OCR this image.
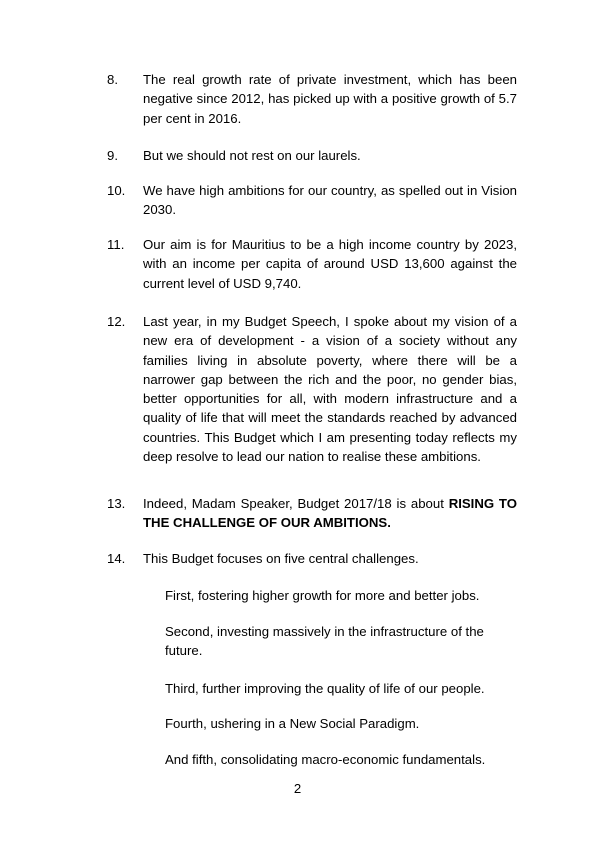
8.	The real growth rate of private investment, which has been negative since 2012, has picked up with a positive growth of 5.7 per cent in 2016.
9.	But we should not rest on our laurels.
10.	We have high ambitions for our country, as spelled out in Vision 2030.
11.	Our aim is for Mauritius to be a high income country by 2023, with an income per capita of around USD 13,600 against the current level of USD 9,740.
12.	Last year, in my Budget Speech, I spoke about my vision of a new era of development - a vision of a society without any families living in absolute poverty, where there will be a narrower gap between the rich and the poor, no gender bias, better opportunities for all, with modern infrastructure and a quality of life that will meet the standards reached by advanced countries. This Budget which I am presenting today reflects my deep resolve to lead our nation to realise these ambitions.
13.	Indeed, Madam Speaker, Budget 2017/18 is about RISING TO THE CHALLENGE OF OUR AMBITIONS.
14.	This Budget focuses on five central challenges.
First, fostering higher growth for more and better jobs.
Second, investing massively in the infrastructure of the future.
Third, further improving the quality of life of our people.
Fourth, ushering in a New Social Paradigm.
And fifth, consolidating macro-economic fundamentals.
2
